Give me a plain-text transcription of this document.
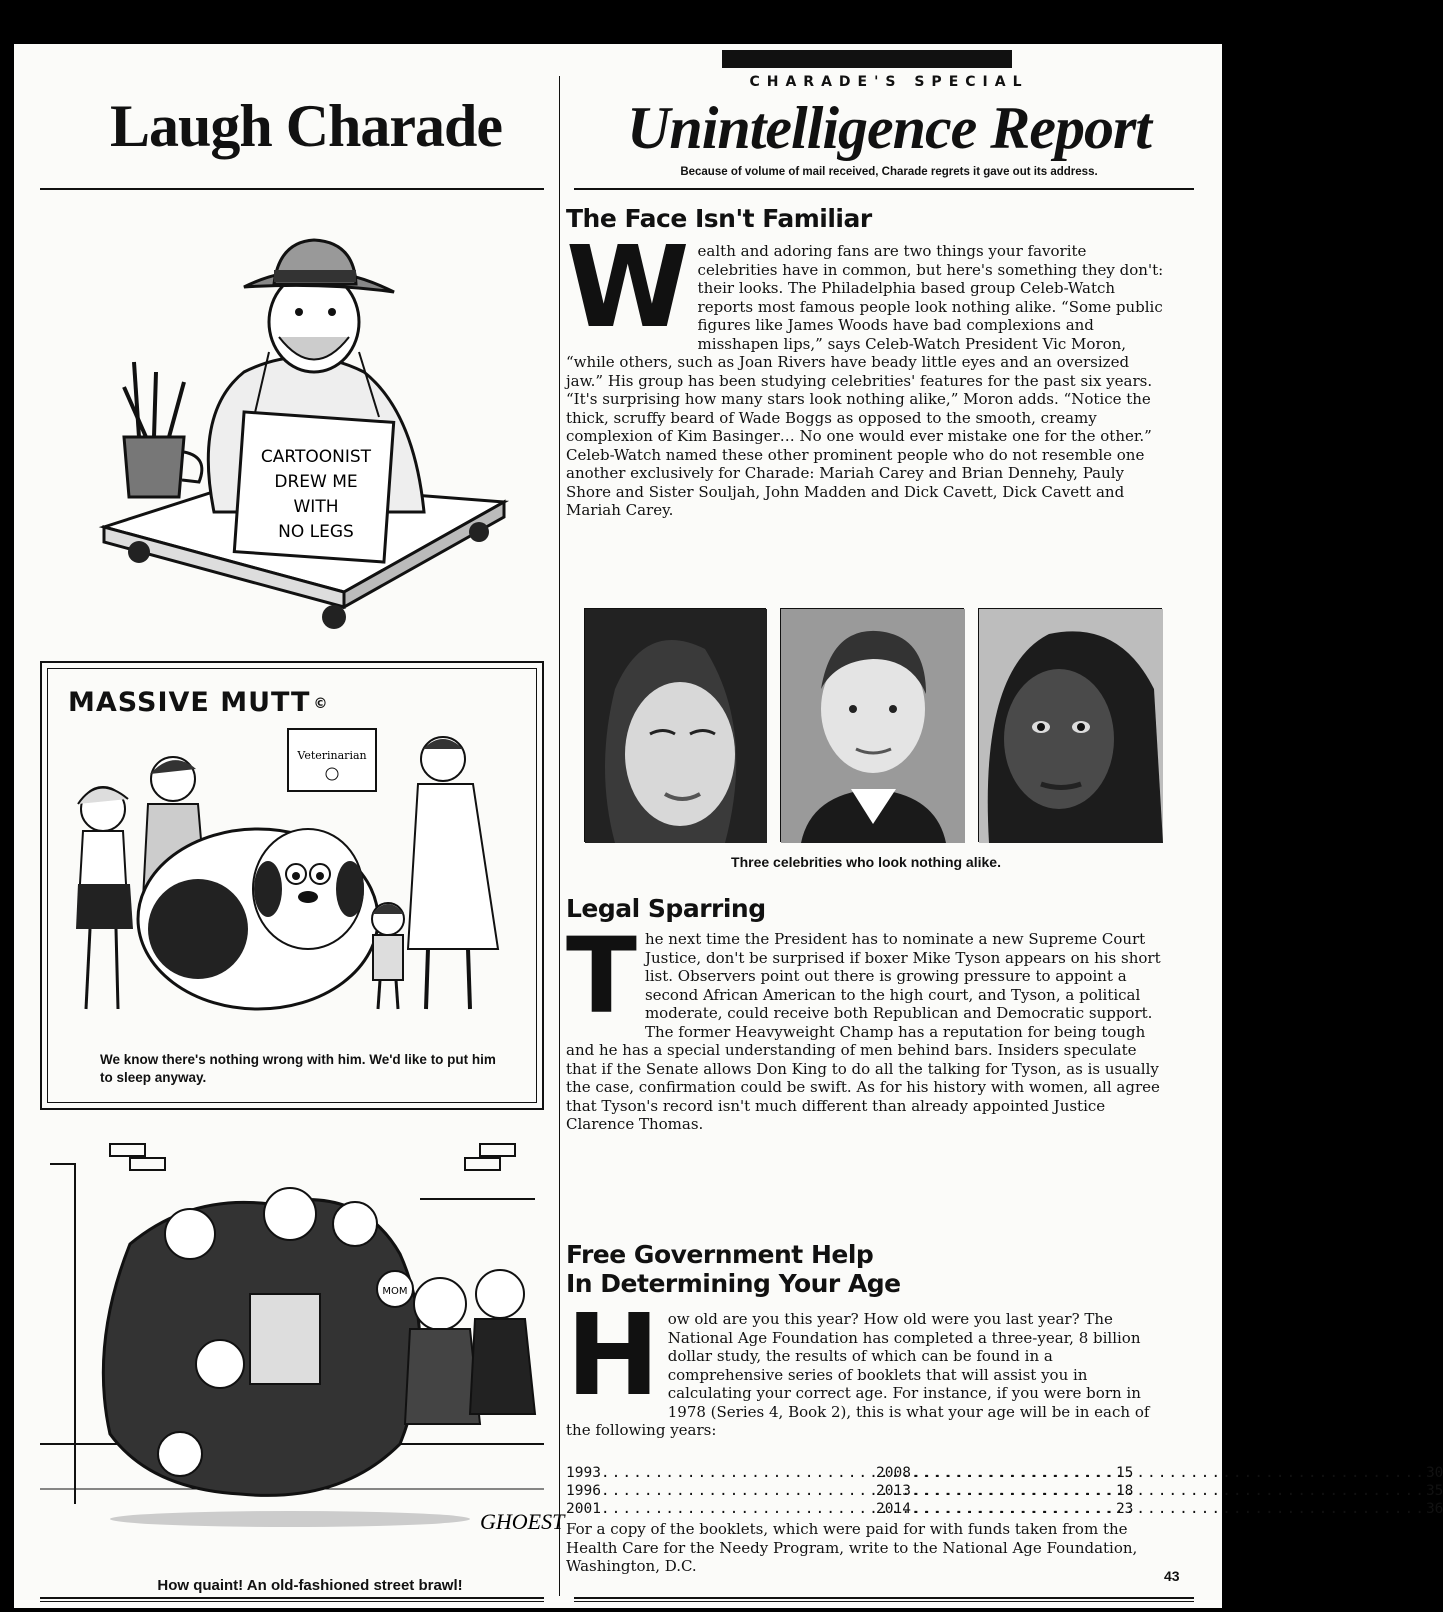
Laugh Charade
CARTOONIST
DREW ME
WITH
NO LEGS
MASSIVE MUTT ©
Veterinarian
We know there's nothing wrong with him. We'd like to put him to sleep anyway.
MOM
GHOEST
How quaint! An old-fashioned street brawl!
CHARADE'S SPECIAL
Unintelligence Report
Because of volume of mail received, Charade regrets it gave out its address.
The Face Isn't Familiar
W ealth and adoring fans are two things your favorite celebrities have in common, but here's something they don't: their looks. The Philadelphia based group Celeb-Watch reports most famous people look nothing alike. “Some public figures like James Woods have bad complexions and misshapen lips,” says Celeb-Watch President Vic Moron, “while others, such as Joan Rivers have beady little eyes and an oversized jaw.” His group has been studying celebrities' features for the past six years. “It's surprising how many stars look nothing alike,” Moron adds. “Notice the thick, scruffy beard of Wade Boggs as opposed to the smooth, creamy complexion of Kim Basinger… No one would ever mistake one for the other.” Celeb-Watch named these other prominent people who do not resemble one another exclusively for Charade: Mariah Carey and Brian Dennehy, Pauly Shore and Sister Souljah, John Madden and Dick Cavett, Dick Cavett and Mariah Carey.
Three celebrities who look nothing alike.
Legal Sparring
T he next time the President has to nominate a new Supreme Court Justice, don't be surprised if boxer Mike Tyson appears on his short list. Observers point out there is growing pressure to appoint a second African American to the high court, and Tyson, a political moderate, could receive both Republican and Democratic support. The former Heavyweight Champ has a reputation for being tough and he has a special understanding of men behind bars. Insiders speculate that if the Senate allows Don King to do all the talking for Tyson, as is usually the case, confirmation could be swift. As for his history with women, all agree that Tyson's record isn't much different than already appointed Justice Clarence Thomas.
Free Government Help
In Determining Your Age
H ow old are you this year? How old were you last year? The National Age Foundation has completed a three-year, 8 billion dollar study, the results of which can be found in a comprehensive series of booklets that will assist you in calculating your correct age. For instance, if you were born in 1978 (Series 4, Book 2), this is what your age will be in each of the following years:
1993 .....	15
1996 .....	18
2001 .....	23
2008 .....	30
2013 .....	35
2014 .....	36
For a copy of the booklets, which were paid for with funds taken from the Health Care for the Needy Program, write to the National Age Foundation, Washington, D.C.
43
